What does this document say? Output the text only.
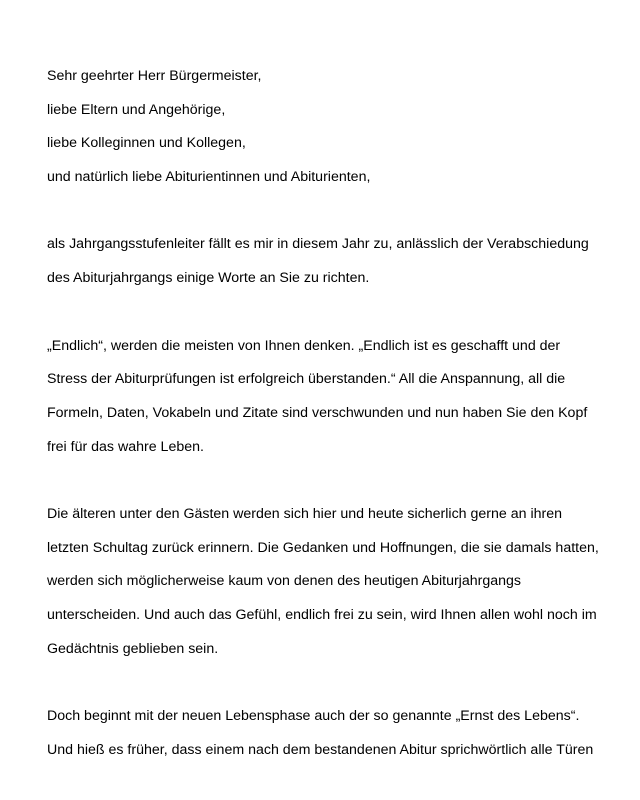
Sehr geehrter Herr Bürgermeister,
liebe Eltern und Angehörige,
liebe Kolleginnen und Kollegen,
und natürlich liebe Abiturientinnen und Abiturienten,
als Jahrgangsstufenleiter fällt es mir in diesem Jahr zu, anlässlich der Verabschiedung
des Abiturjahrgangs einige Worte an Sie zu richten.
„Endlich“, werden die meisten von Ihnen denken. „Endlich ist es geschafft und der
Stress der Abiturprüfungen ist erfolgreich überstanden.“ All die Anspannung, all die
Formeln, Daten, Vokabeln und Zitate sind verschwunden und nun haben Sie den Kopf
frei für das wahre Leben.
Die älteren unter den Gästen werden sich hier und heute sicherlich gerne an ihren
letzten Schultag zurück erinnern. Die Gedanken und Hoffnungen, die sie damals hatten,
werden sich möglicherweise kaum von denen des heutigen Abiturjahrgangs
unterscheiden. Und auch das Gefühl, endlich frei zu sein, wird Ihnen allen wohl noch im
Gedächtnis geblieben sein.
Doch beginnt mit der neuen Lebensphase auch der so genannte „Ernst des Lebens“.
Und hieß es früher, dass einem nach dem bestandenen Abitur sprichwörtlich alle Türen
